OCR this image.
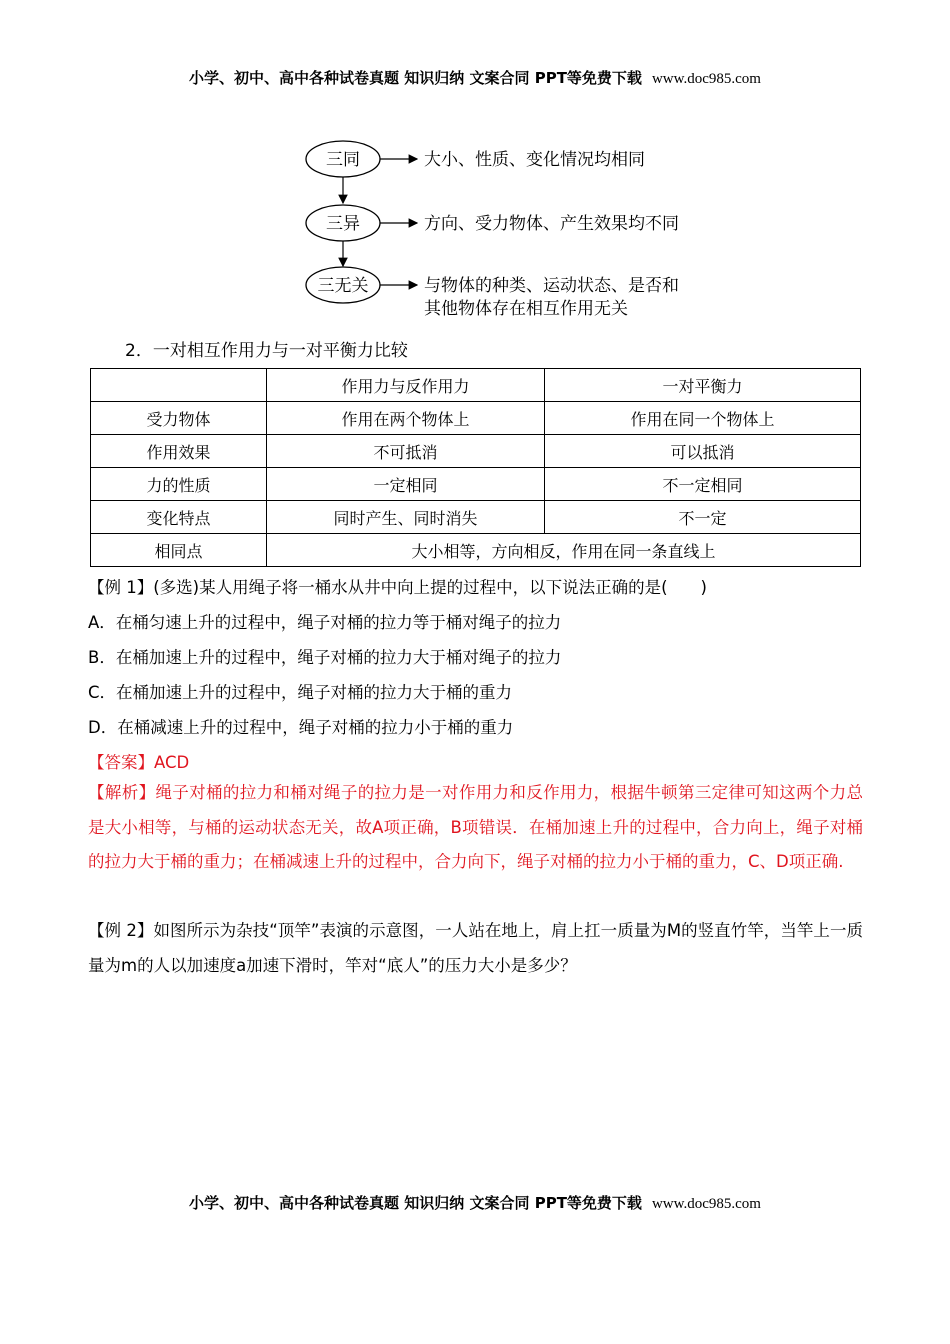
小学、初中、高中各种试卷真题 知识归纳 文案合同 PPT等免费下载 www.doc985.com
三同	大小、性质、变化情况均相同
三异	方向、受力物体、产生效果均不同
三无关	与物体的种类、运动状态、是否和
其他物体存在相互作用无关
2．一对相互作用力与一对平衡力比较
	作用力与反作用力	一对平衡力
受力物体	作用在两个物体上	作用在同一个物体上
作用效果	不可抵消	可以抵消
力的性质	一定相同	不一定相同
变化特点	同时产生、同时消失	不一定
相同点	大小相等，方向相反，作用在同一条直线上	
【例 1】(多选)某人用绳子将一桶水从井中向上提的过程中，以下说法正确的是(　　)
A．在桶匀速上升的过程中，绳子对桶的拉力等于桶对绳子的拉力
B．在桶加速上升的过程中，绳子对桶的拉力大于桶对绳子的拉力
C．在桶加速上升的过程中，绳子对桶的拉力大于桶的重力
D．在桶减速上升的过程中，绳子对桶的拉力小于桶的重力
【答案】ACD
【解析】绳子对桶的拉力和桶对绳子的拉力是一对作用力和反作用力，根据牛顿第三定律可知这两个力总是大小相等，与桶的运动状态无关，故A项正确，B项错误．在桶加速上升的过程中，合力向上，绳子对桶的拉力大于桶的重力；在桶减速上升的过程中，合力向下，绳子对桶的拉力小于桶的重力，C、D项正确.
【例 2】如图所示为杂技“顶竿”表演的示意图，一人站在地上，肩上扛一质量为M的竖直竹竿，当竿上一质量为m的人以加速度a加速下滑时，竿对“底人”的压力大小是多少？
小学、初中、高中各种试卷真题 知识归纳 文案合同 PPT等免费下载 www.doc985.com
